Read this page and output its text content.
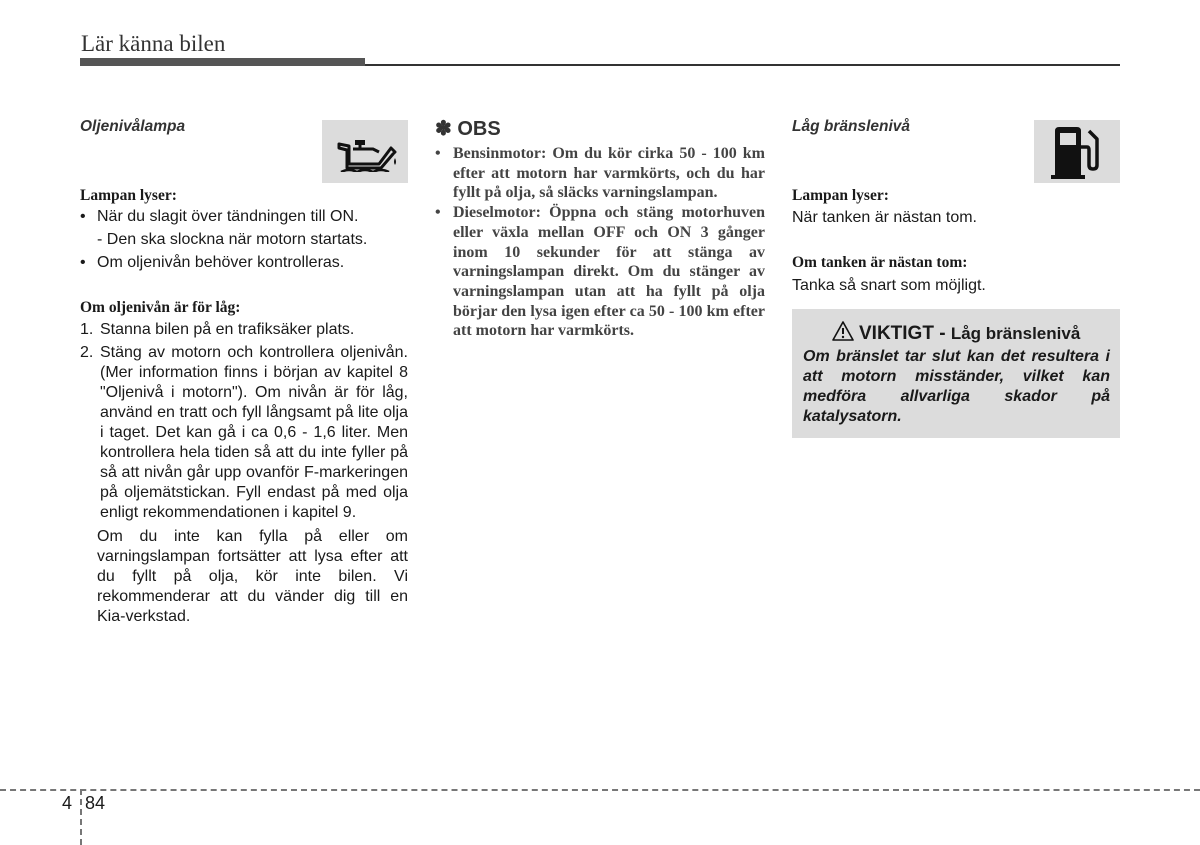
Lär känna bilen
Oljenivålampa
Lampan lyser:
• När du slagit över tändningen till ON.
- Den ska slockna när motorn startats.
• Om oljenivån behöver kontrolleras.
Om oljenivån är för låg:
1. Stanna bilen på en trafiksäker plats.
2. Stäng av motorn och kontrollera oljenivån. (Mer information finns i början av kapitel 8 "Oljenivå i motorn"). Om nivån är för låg, använd en tratt och fyll långsamt på lite olja i taget. Det kan gå i ca 0,6 - 1,6 liter. Men kontrollera hela tiden så att du inte fyller på så att nivån går upp ovanför F-markeringen på oljemätstickan. Fyll endast på med olja enligt rekommendationen i kapitel 9.
Om du inte kan fylla på eller om varningslampan fortsätter att lysa efter att du fyllt på olja, kör inte bilen. Vi rekommenderar att du vänder dig till en Kia-verkstad.
✽ OBS
• Bensinmotor: Om du kör cirka 50 - 100 km efter att motorn har varmkörts, och du har fyllt på olja, så släcks varningslampan.
• Dieselmotor: Öppna och stäng motorhuven eller växla mellan OFF och ON 3 gånger inom 10 sekunder för att stänga av varningslampan direkt. Om du stänger av varningslampan utan att ha fyllt på olja börjar den lysa igen efter ca 50 - 100 km efter att motorn har varmkörts.
Låg bränslenivå
Lampan lyser:
När tanken är nästan tom.
Om tanken är nästan tom:
Tanka så snart som möjligt.
VIKTIGT - Låg bränslenivå
Om bränslet tar slut kan det resultera i att motorn misständer, vilket kan medföra allvarliga skador på katalysatorn.
4 84
